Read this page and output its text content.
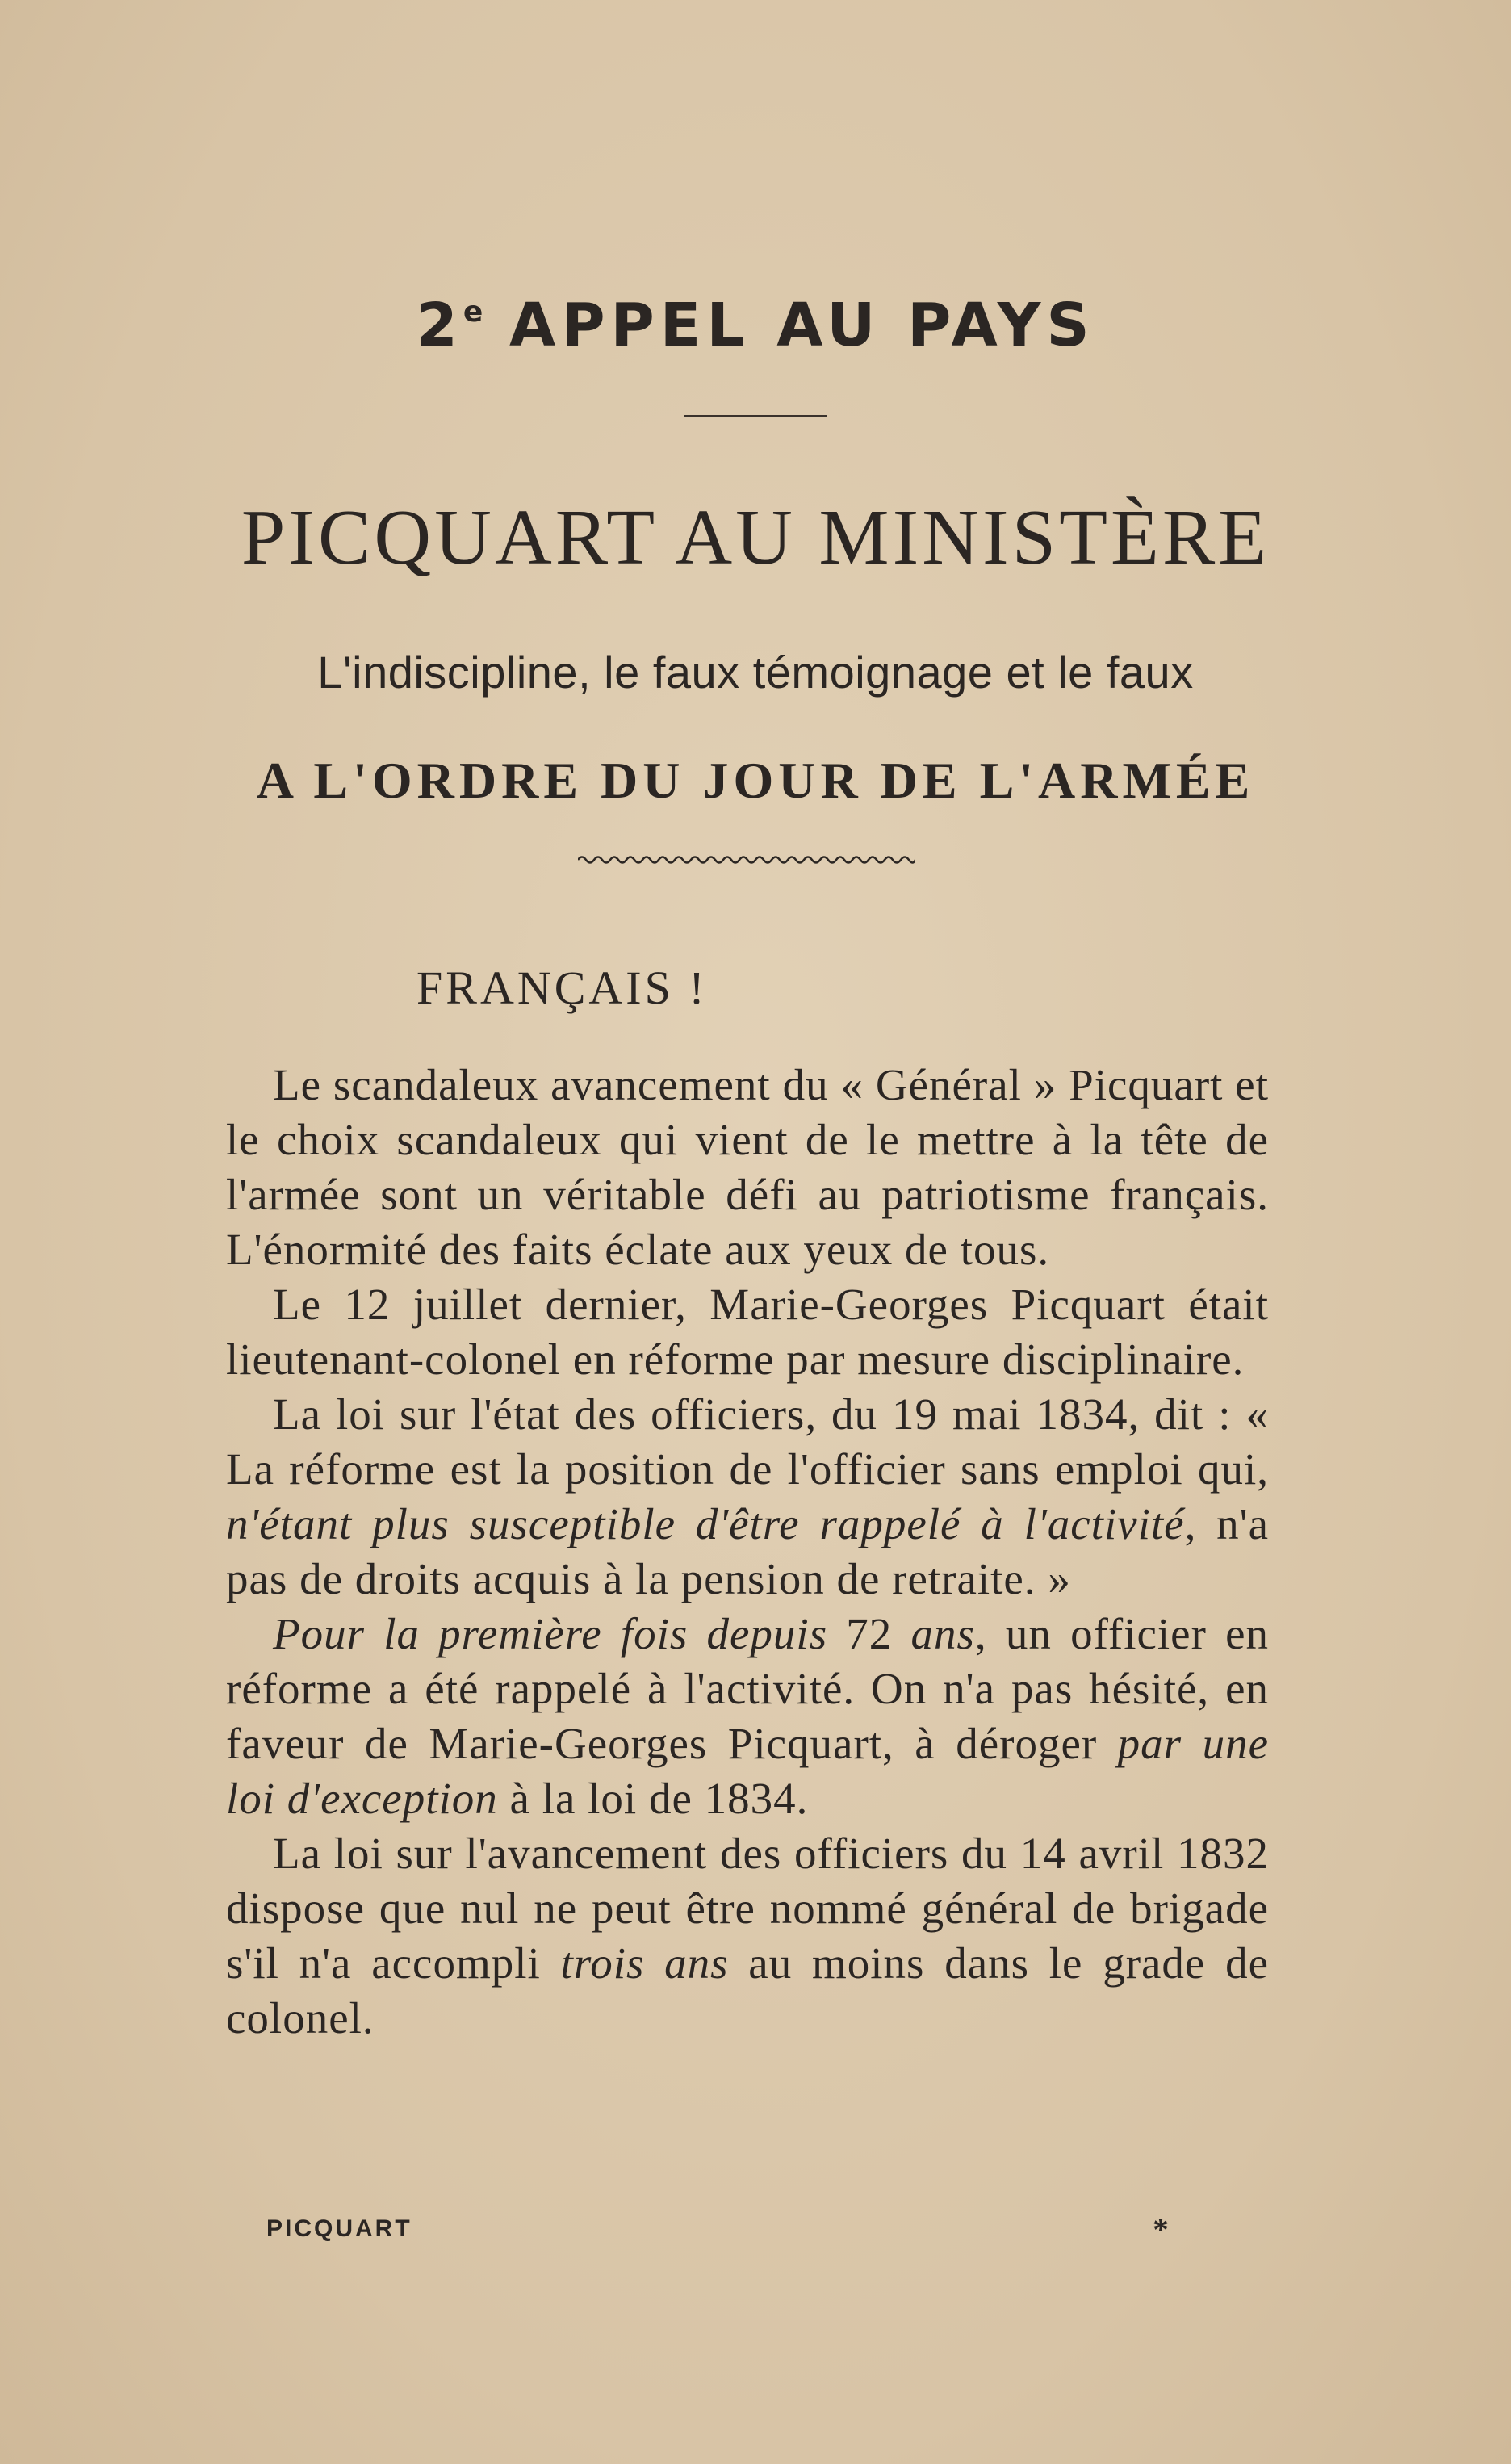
2e APPEL AU PAYS
PICQUART AU MINISTÈRE
L'indiscipline, le faux témoignage et le faux
A L'ORDRE DU JOUR DE L'ARMÉE
FRANÇAIS !

Le scandaleux avancement du « Général » Picquart et le choix scandaleux qui vient de le mettre à la tête de l'armée sont un véritable défi au patriotisme français. L'énormité des faits éclate aux yeux de tous.

Le 12 juillet dernier, Marie-Georges Picquart était lieutenant-colonel en réforme par mesure disciplinaire.

La loi sur l'état des officiers, du 19 mai 1834, dit : « La réforme est la position de l'officier sans emploi qui, n'étant plus susceptible d'être rappelé à l'activité, n'a pas de droits acquis à la pension de retraite. »

Pour la première fois depuis 72 ans, un officier en réforme a été rappelé à l'activité. On n'a pas hésité, en faveur de Marie-Georges Picquart, à déroger par une loi d'exception à la loi de 1834.

La loi sur l'avancement des officiers du 14 avril 1832 dispose que nul ne peut être nommé général de brigade s'il n'a accompli trois ans au moins dans le grade de colonel.

PICQUART	*
